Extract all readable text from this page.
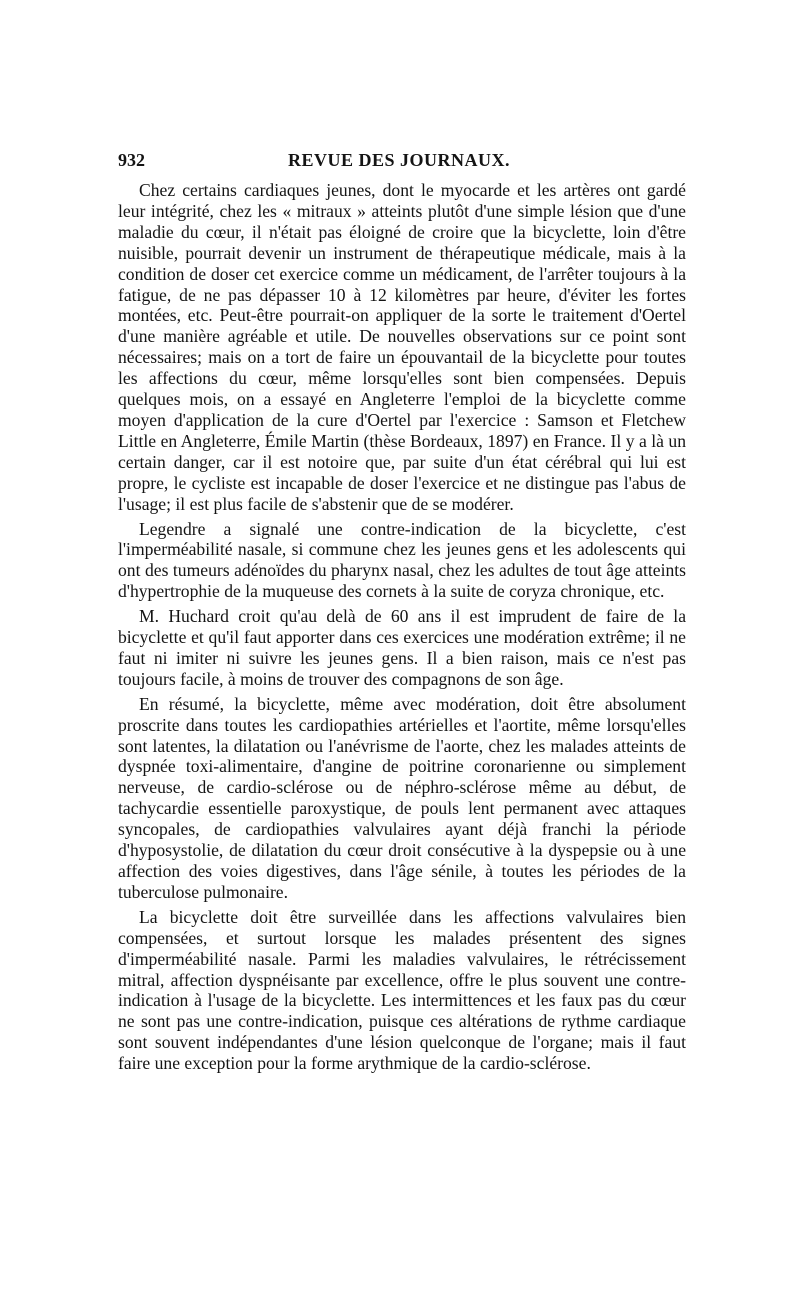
932	REVUE DES JOURNAUX.

Chez certains cardiaques jeunes, dont le myocarde et les artères ont gardé leur intégrité, chez les « mitraux » atteints plutôt d'une simple lésion que d'une maladie du cœur, il n'était pas éloigné de croire que la bicyclette, loin d'être nuisible, pourrait devenir un instrument de thérapeutique médicale, mais à la condition de doser cet exercice comme un médicament, de l'arrêter toujours à la fatigue, de ne pas dépasser 10 à 12 kilomètres par heure, d'éviter les fortes montées, etc. Peut-être pourrait-on appliquer de la sorte le traitement d'Oertel d'une manière agréable et utile. De nouvelles observations sur ce point sont nécessaires; mais on a tort de faire un épouvantail de la bicyclette pour toutes les affections du cœur, même lorsqu'elles sont bien compensées. Depuis quelques mois, on a essayé en Angleterre l'emploi de la bicyclette comme moyen d'application de la cure d'Oertel par l'exercice : Samson et Fletchew Little en Angleterre, Émile Martin (thèse Bordeaux, 1897) en France. Il y a là un certain danger, car il est notoire que, par suite d'un état cérébral qui lui est propre, le cycliste est incapable de doser l'exercice et ne distingue pas l'abus de l'usage; il est plus facile de s'abstenir que de se modérer.

Legendre a signalé une contre-indication de la bicyclette, c'est l'imperméabilité nasale, si commune chez les jeunes gens et les adolescents qui ont des tumeurs adénoïdes du pharynx nasal, chez les adultes de tout âge atteints d'hypertrophie de la muqueuse des cornets à la suite de coryza chronique, etc.

M. Huchard croit qu'au delà de 60 ans il est imprudent de faire de la bicyclette et qu'il faut apporter dans ces exercices une modération extrême; il ne faut ni imiter ni suivre les jeunes gens. Il a bien raison, mais ce n'est pas toujours facile, à moins de trouver des compagnons de son âge.

En résumé, la bicyclette, même avec modération, doit être absolument proscrite dans toutes les cardiopathies artérielles et l'aortite, même lorsqu'elles sont latentes, la dilatation ou l'anévrisme de l'aorte, chez les malades atteints de dyspnée toxi-alimentaire, d'angine de poitrine coronarienne ou simplement nerveuse, de cardio-sclérose ou de néphro-sclérose même au début, de tachycardie essentielle paroxystique, de pouls lent permanent avec attaques syncopales, de cardiopathies valvulaires ayant déjà franchi la période d'hyposystolie, de dilatation du cœur droit consécutive à la dyspepsie ou à une affection des voies digestives, dans l'âge sénile, à toutes les périodes de la tuberculose pulmonaire.

La bicyclette doit être surveillée dans les affections valvulaires bien compensées, et surtout lorsque les malades présentent des signes d'imperméabilité nasale. Parmi les maladies valvulaires, le rétrécissement mitral, affection dyspnéisante par excellence, offre le plus souvent une contre-indication à l'usage de la bicyclette. Les intermittences et les faux pas du cœur ne sont pas une contre-indication, puisque ces altérations de rythme cardiaque sont souvent indépendantes d'une lésion quelconque de l'organe; mais il faut faire une exception pour la forme arythmique de la cardio-sclérose.
